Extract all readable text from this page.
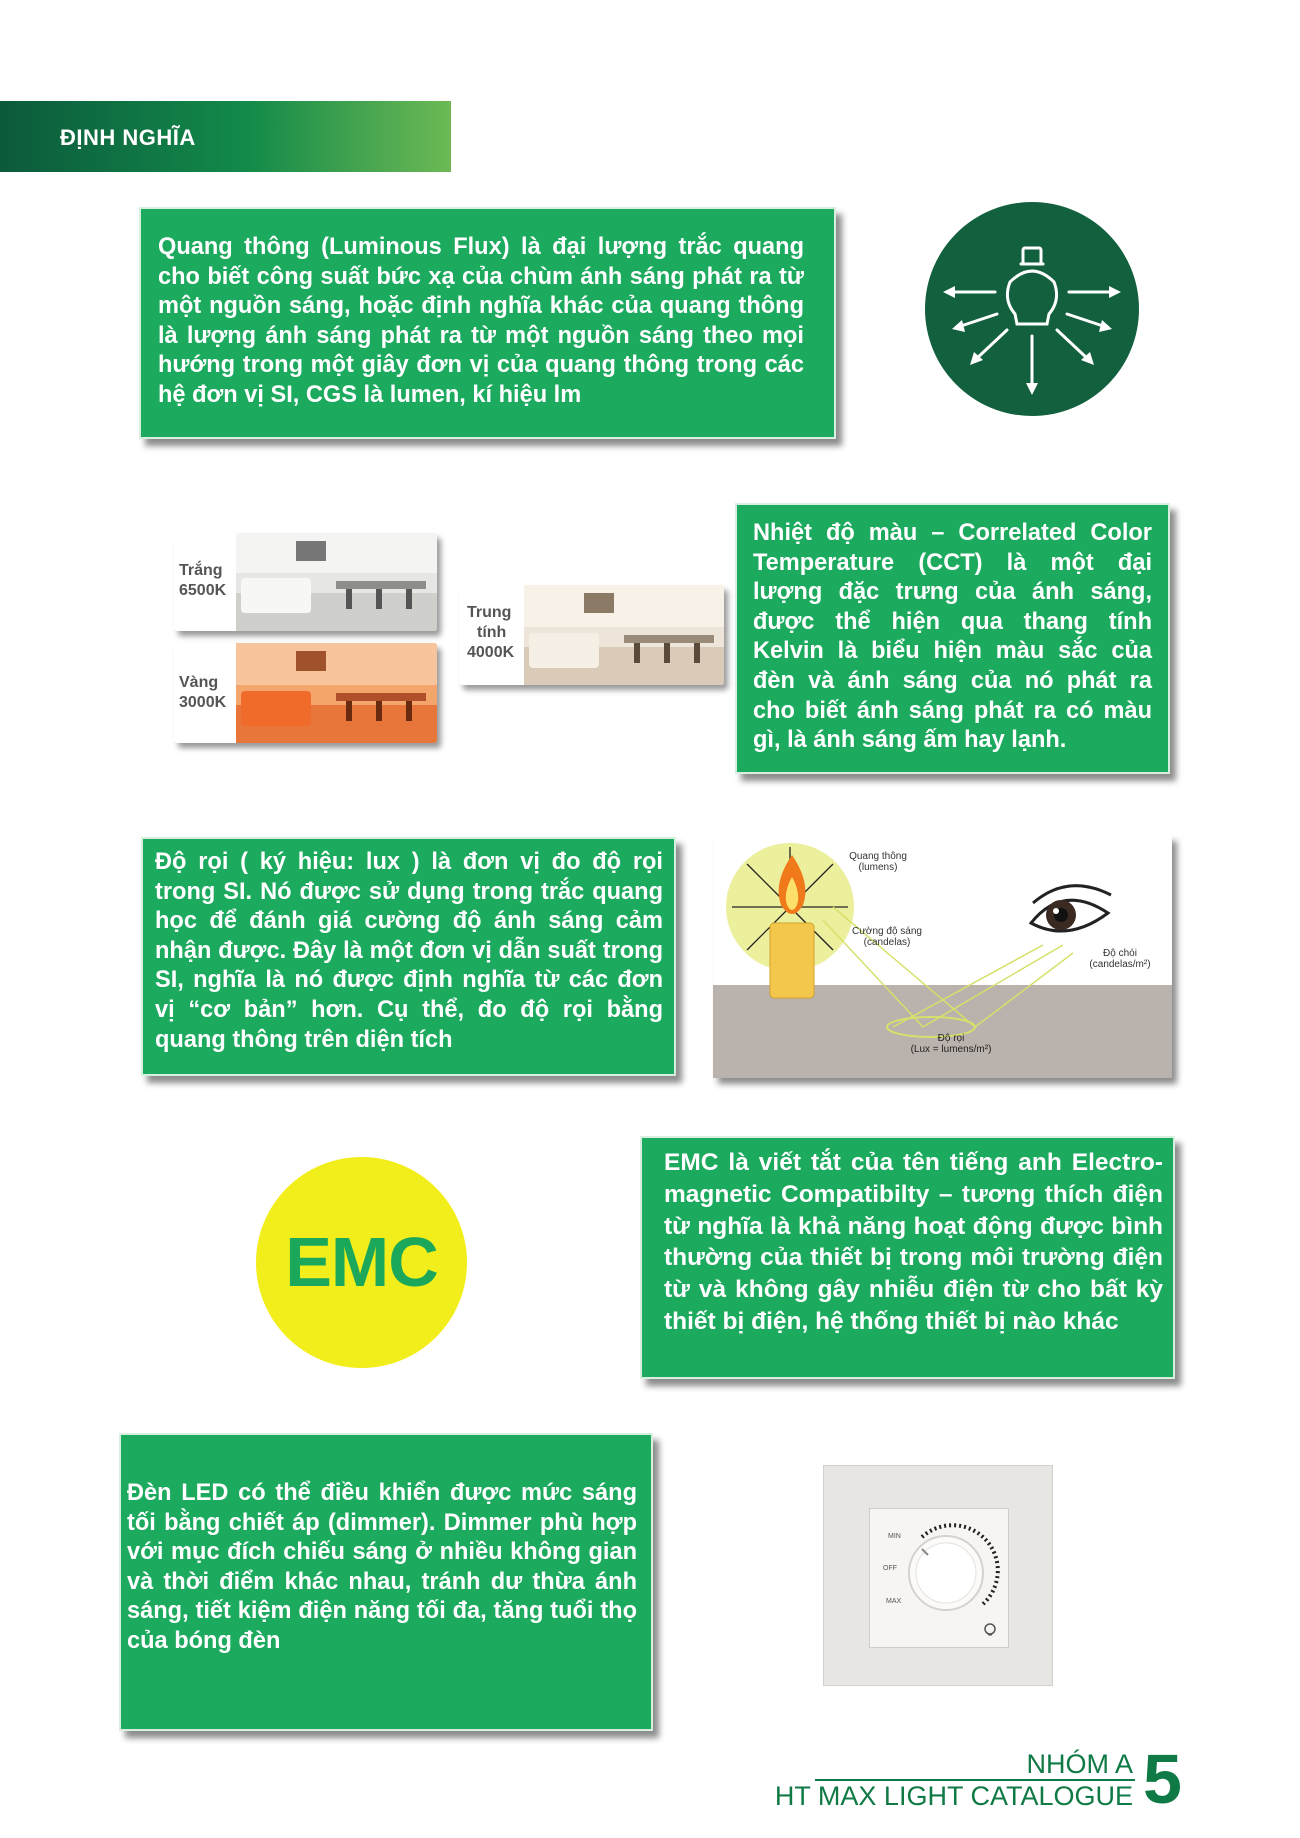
ĐỊNH NGHĨA

Quang thông (Luminous Flux) là đại lượng trắc quang cho biết công suất bức xạ của chùm ánh sáng phát ra từ một nguồn sáng, hoặc định nghĩa khác của quang thông là lượng ánh sáng phát ra từ một nguồn sáng theo mọi hướng trong một giây đơn vị của quang thông trong các hệ đơn vị SI, CGS là lumen, kí hiệu lm

Trắng
6500K
Vàng
3000K
Trung
tính
4000K

Nhiệt độ màu – Correlated Color Temperature (CCT) là một đại lượng đặc trưng của ánh sáng, được thể hiện qua thang tính Kelvin là biểu hiện màu sắc của đèn và ánh sáng của nó phát ra cho biết ánh sáng phát ra có màu gì, là ánh sáng ấm hay lạnh.

Độ rọi ( ký hiệu: lux ) là đơn vị đo độ rọi trong SI. Nó được sử dụng trong trắc quang học để đánh giá cường độ ánh sáng cảm nhận được. Đây là một đơn vị dẫn suất trong SI, nghĩa là nó được định nghĩa từ các đơn vị “cơ bản” hơn. Cụ thể, đo độ rọi bằng quang thông trên diện tích

Quang thông
(lumens)
Cường độ sáng
(candelas)
Độ chói
(candelas/m²)
Độ rọi
(Lux = lumens/m²)
EMC

EMC là viết tắt của tên tiếng anh Electro-magnetic Compatibilty – tương thích điện từ nghĩa là khả năng hoạt động được bình thường của thiết bị trong môi trường điện từ và không gây nhiễu điện từ cho bất kỳ thiết bị điện, hệ thống thiết bị nào khác

Đèn LED có thể điều khiển được mức sáng tối bằng chiết áp (dimmer). Dimmer phù hợp với mục đích chiếu sáng ở nhiều không gian và thời điểm khác nhau, tránh dư thừa ánh sáng, tiết kiệm điện năng tối đa, tăng tuổi thọ của bóng đèn

MIN
OFF
MAX
NHÓM A
HT MAX LIGHT CATALOGUE 5
